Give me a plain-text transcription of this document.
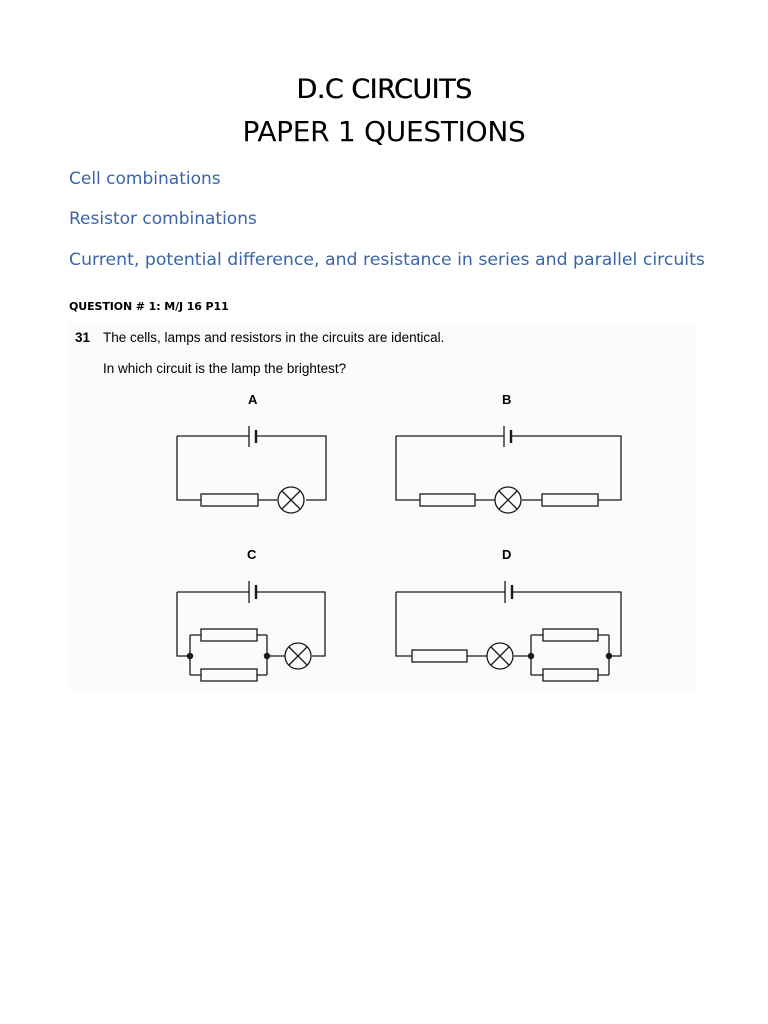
D.C CIRCUITS
PAPER 1 QUESTIONS
Cell combinations
Resistor combinations
Current, potential difference, and resistance in series and parallel circuits
QUESTION # 1: M/J 16 P11
31 The cells, lamps and resistors in the circuits are identical.
In which circuit is the lamp the brightest?
A	B
C	D
